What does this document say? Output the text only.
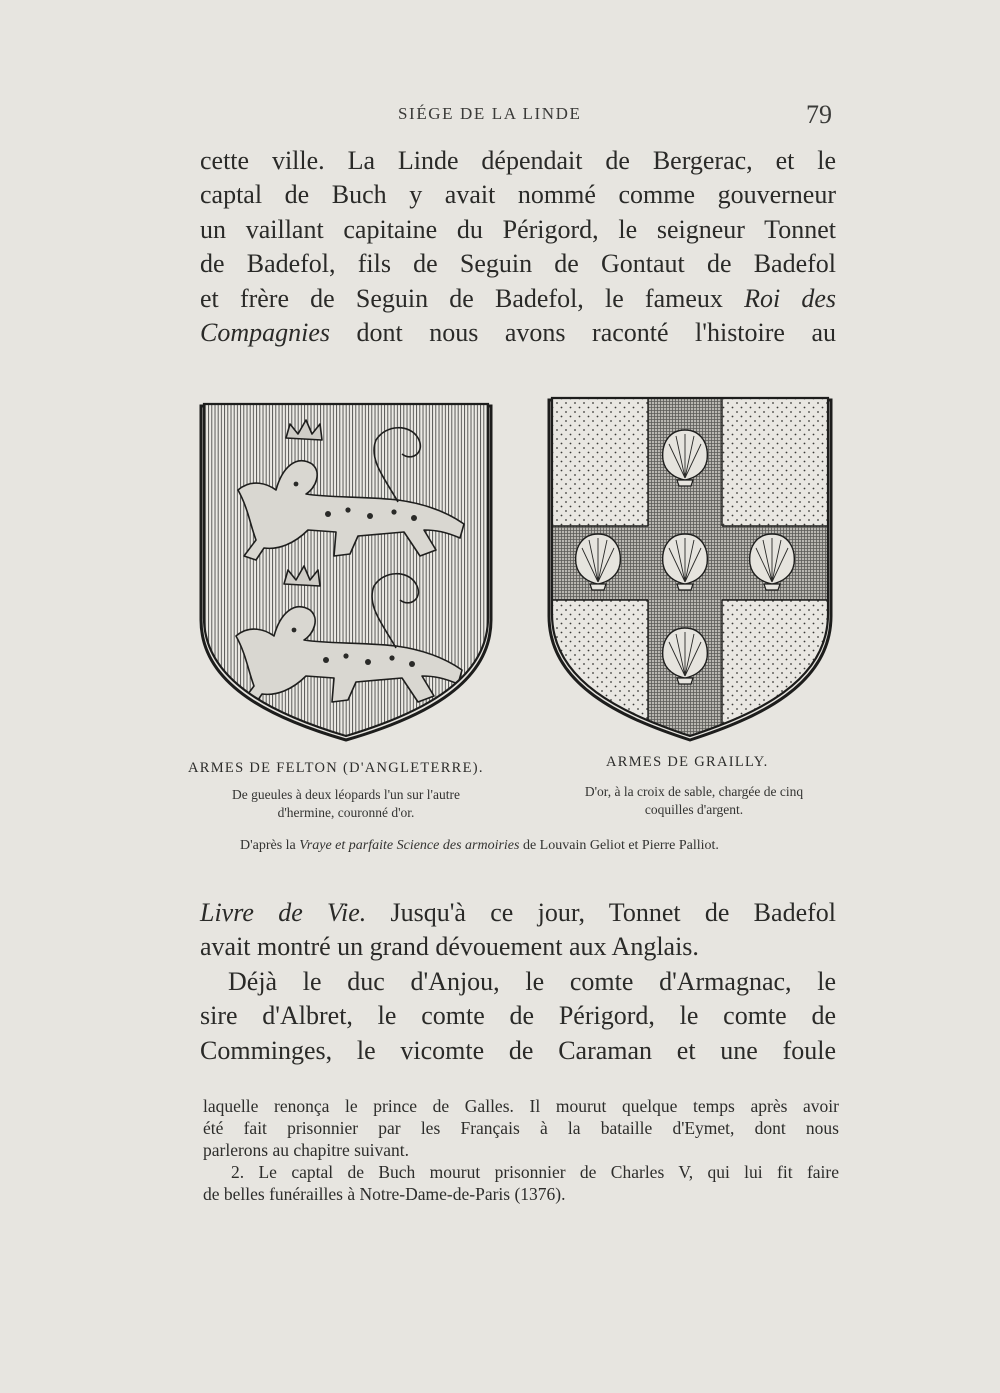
SIÉGE DE LA LINDE	79
cette ville. La Linde dépendait de Bergerac, et le
captal de Buch y avait nommé comme gouverneur
un vaillant capitaine du Périgord, le seigneur Tonnet
de Badefol, fils de Seguin de Gontaut de Badefol
et frère de Seguin de Badefol, le fameux Roi des
Compagnies dont nous avons raconté l'histoire au
ARMES DE FELTON (D'ANGLETERRE).
De gueules à deux léopards l'un sur l'autre
d'hermine, couronné d'or.
ARMES DE GRAILLY.
D'or, à la croix de sable, chargée de cinq
coquilles d'argent.
D'après la Vraye et parfaite Science des armoiries de Louvain Geliot et Pierre Palliot.
Livre de Vie. Jusqu'à ce jour, Tonnet de Badefol
avait montré un grand dévouement aux Anglais.
Déjà le duc d'Anjou, le comte d'Armagnac, le
sire d'Albret, le comte de Périgord, le comte de
Comminges, le vicomte de Caraman et une foule
laquelle renonça le prince de Galles. Il mourut quelque temps après avoir
été fait prisonnier par les Français à la bataille d'Eymet, dont nous
parlerons au chapitre suivant.
2. Le captal de Buch mourut prisonnier de Charles V, qui lui fit faire
de belles funérailles à Notre-Dame-de-Paris (1376).
